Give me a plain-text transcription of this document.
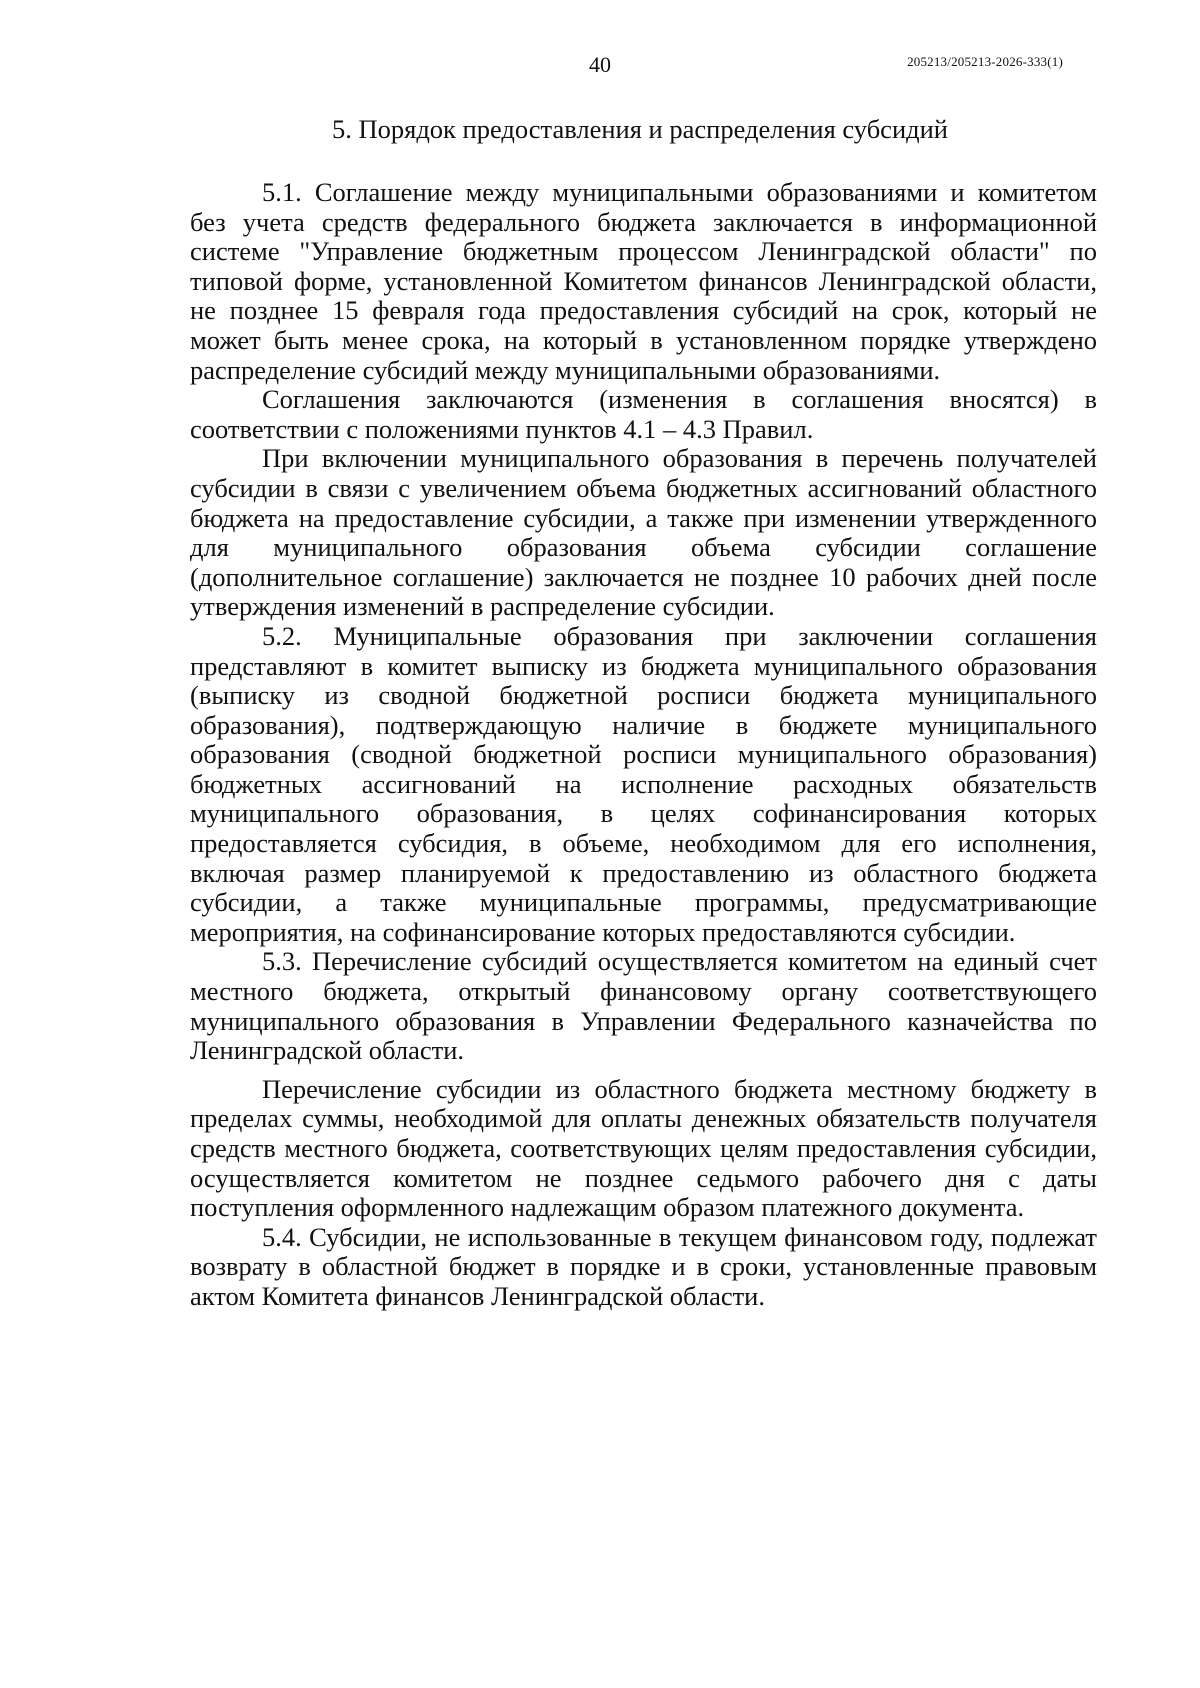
40	205213/205213-2026-333(1)
5. Порядок предоставления и распределения субсидий

5.1. Соглашение между муниципальными образованиями и комитетом без учета средств федерального бюджета заключается в информационной системе "Управление бюджетным процессом Ленинградской области" по типовой форме, установленной Комитетом финансов Ленинградской области, не позднее 15 февраля года предоставления субсидий на срок, который не может быть менее срока, на который в установленном порядке утверждено распределение субсидий между муниципальными образованиями.

Соглашения заключаются (изменения в соглашения вносятся) в соответствии с положениями пунктов 4.1 – 4.3 Правил.

При включении муниципального образования в перечень получателей субсидии в связи с увеличением объема бюджетных ассигнований областного бюджета на предоставление субсидии, а также при изменении утвержденного для муниципального образования объема субсидии соглашение (дополнительное соглашение) заключается не позднее 10 рабочих дней после утверждения изменений в распределение субсидии.

5.2. Муниципальные образования при заключении соглашения представляют в комитет выписку из бюджета муниципального образования (выписку из сводной бюджетной росписи бюджета муниципального образования), подтверждающую наличие в бюджете муниципального образования (сводной бюджетной росписи муниципального образования) бюджетных ассигнований на исполнение расходных обязательств муниципального образования, в целях софинансирования которых предоставляется субсидия, в объеме, необходимом для его исполнения, включая размер планируемой к предоставлению из областного бюджета субсидии, а также муниципальные программы, предусматривающие мероприятия, на софинансирование которых предоставляются субсидии.

5.3. Перечисление субсидий осуществляется комитетом на единый счет местного бюджета, открытый финансовому органу соответствующего муниципального образования в Управлении Федерального казначейства по Ленинградской области.

Перечисление субсидии из областного бюджета местному бюджету в пределах суммы, необходимой для оплаты денежных обязательств получателя средств местного бюджета, соответствующих целям предоставления субсидии, осуществляется комитетом не позднее седьмого рабочего дня с даты поступления оформленного надлежащим образом платежного документа.

5.4. Субсидии, не использованные в текущем финансовом году, подлежат возврату в областной бюджет в порядке и в сроки, установленные правовым актом Комитета финансов Ленинградской области.
